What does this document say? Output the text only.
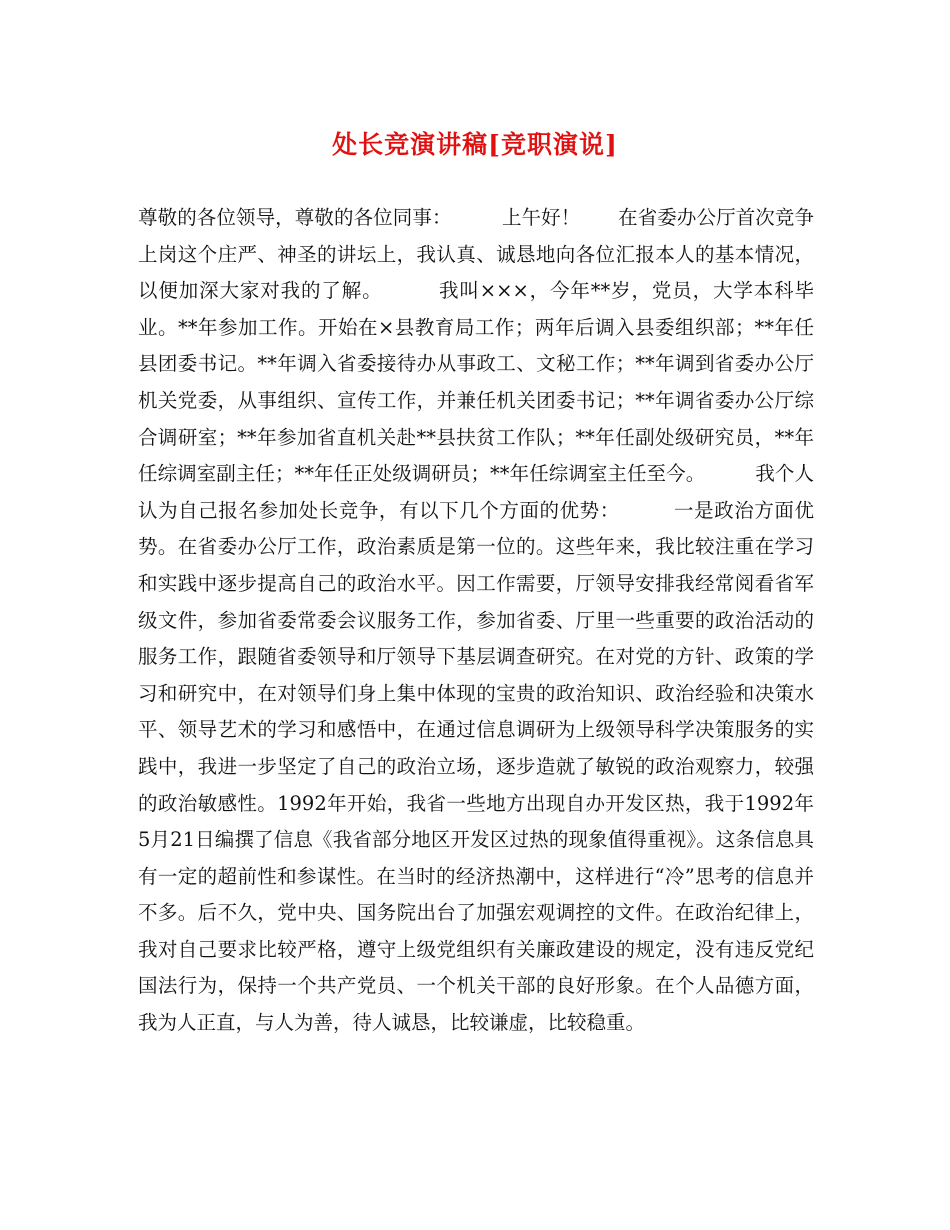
处长竞演讲稿[竞职演说]

尊敬的各位领导，尊敬的各位同事：        上午好！      在省委办公厅首次竞争上岗这个庄严、神圣的讲坛上，我认真、诚恳地向各位汇报本人的基本情况，以便加深大家对我的了解。        我叫×××，今年**岁，党员，大学本科毕业。**年参加工作。开始在×县教育局工作；两年后调入县委组织部；**年任县团委书记。**年调入省委接待办从事政工、文秘工作；**年调到省委办公厅机关党委，从事组织、宣传工作，并兼任机关团委书记；**年调省委办公厅综合调研室；**年参加省直机关赴**县扶贫工作队；**年任副处级研究员，**年任综调室副主任；**年任正处级调研员；**年任综调室主任至今。        我个人认为自己报名参加处长竞争，有以下几个方面的优势：        一是政治方面优势。在省委办公厅工作，政治素质是第一位的。这些年来，我比较注重在学习和实践中逐步提高自己的政治水平。因工作需要，厅领导安排我经常阅看省军级文件，参加省委常委会议服务工作，参加省委、厅里一些重要的政治活动的服务工作，跟随省委领导和厅领导下基层调查研究。在对党的方针、政策的学习和研究中，在对领导们身上集中体现的宝贵的政治知识、政治经验和决策水平、领导艺术的学习和感悟中，在通过信息调研为上级领导科学决策服务的实践中，我进一步坚定了自己的政治立场，逐步造就了敏锐的政治观察力，较强的政治敏感性。1992年开始，我省一些地方出现自办开发区热，我于1992年5月21日编撰了信息《我省部分地区开发区过热的现象值得重视》。这条信息具有一定的超前性和参谋性。在当时的经济热潮中，这样进行“冷”思考的信息并不多。后不久，党中央、国务院出台了加强宏观调控的文件。在政治纪律上，我对自己要求比较严格，遵守上级党组织有关廉政建设的规定，没有违反党纪国法行为，保持一个共产党员、一个机关干部的良好形象。在个人品德方面，我为人正直，与人为善，待人诚恳，比较谦虚，比较稳重。
